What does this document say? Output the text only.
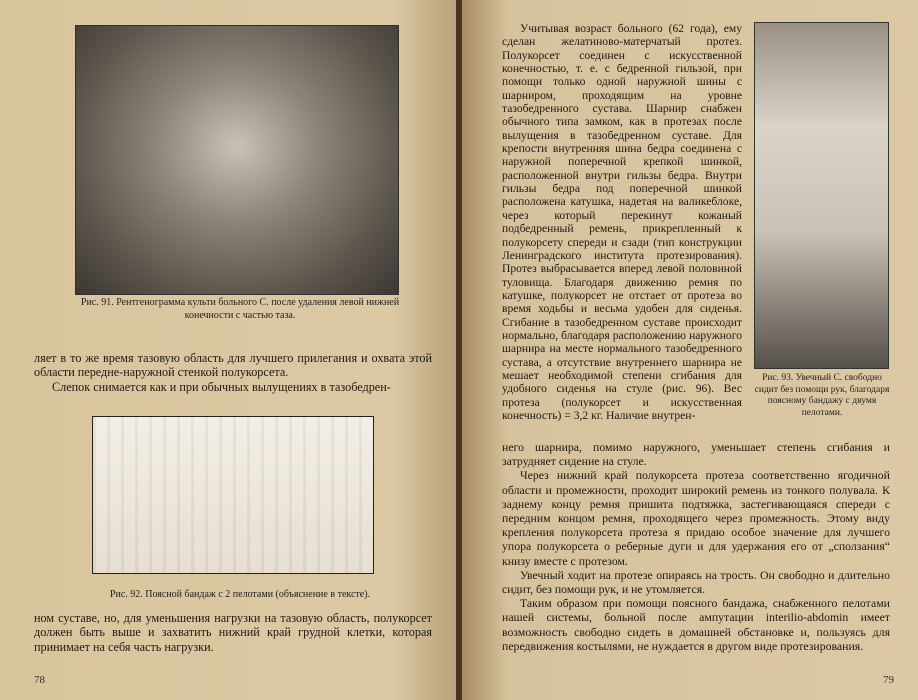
Рис. 91. Рентгенограмма культи больного С. после удаления левой нижней конечности с частью таза.

ляет в то же время тазовую область для лучшего прилегания и охвата этой области передне-наружной стенкой полукорсета.

Слепок снимается как и при обычных вылущениях в тазобедрен-

Рис. 92. Поясной бандаж с 2 пелотами (объяснение в тексте).

ном суставе, но, для уменьшения нагрузки на тазовую область, полукорсет должен быть выше и захватить нижний край грудной клетки, которая принимает на себя часть нагрузки.

78

Учитывая возраст больного (62 года), ему сделан желатиново-матерчатый протез. Полукорсет соединен с искусственной конечностью, т. е. с бедренной гильзой, при помощи только одной наружной шины с шарниром, проходящим на уровне тазобедренного сустава. Шарнир снабжен обычного типа замком, как в протезах после вылущения в тазобедренном суставе. Для крепости внутренняя шина бедра соединена с наружной поперечной крепкой шинкой, расположенной внутри гильзы бедра. Внутри гильзы бедра под поперечной шинкой расположена катушка, надетая на валикеблоке, через который перекинут кожаный подбедренный ремень, прикрепленный к полукорсету спереди и сзади (тип конструкции Ленинградского института протезирования). Протез выбрасывается вперед левой половиной туловища. Благодаря движению ремня по катушке, полукорсет не отстает от протеза во время ходьбы и весьма удобен для сиденья. Сгибание в тазобедренном суставе происходит нормально, благодаря расположению наружного шарнира на месте нормального тазобедренного сустава, а отсутствие внутреннего шарнира не мешает необходимой степени сгибания для удобного сиденья на стуле (рис. 96). Вес протеза (полукорсет и искусственная конечность) = 3,2 кг. Наличие внутрен-

Рис. 93. Увечный С. свободно сидит без помощи рук, благодаря поясному бандажу с двумя пелотами.

него шарнира, помимо наружного, уменьшает степень сгибания и затрудняет сидение на стуле.

Через нижний край полукорсета протеза соответственно ягодичной области и промежности, проходит широкий ремень из тонкого полувала. К заднему концу ремня пришита подтяжка, застегивающаяся спереди с передним концом ремня, проходящего через промежность. Этому виду крепления полукорсета протеза я придаю особое значение для лучшего упора полукорсета о реберные дуги и для удержания его от „сползания“ книзу вместе с протезом.

Увечный ходит на протезе опираясь на трость. Он свободно и длительно сидит, без помощи рук, и не утомляется.

Таким образом при помощи поясного бандажа, снабженного пелотами нашей системы, больной после ампутации interilio-abdomin имеет возможность свободно сидеть в домашней обстановке и, пользуясь для передвижения костылями, не нуждается в другом виде протезирования.

79
